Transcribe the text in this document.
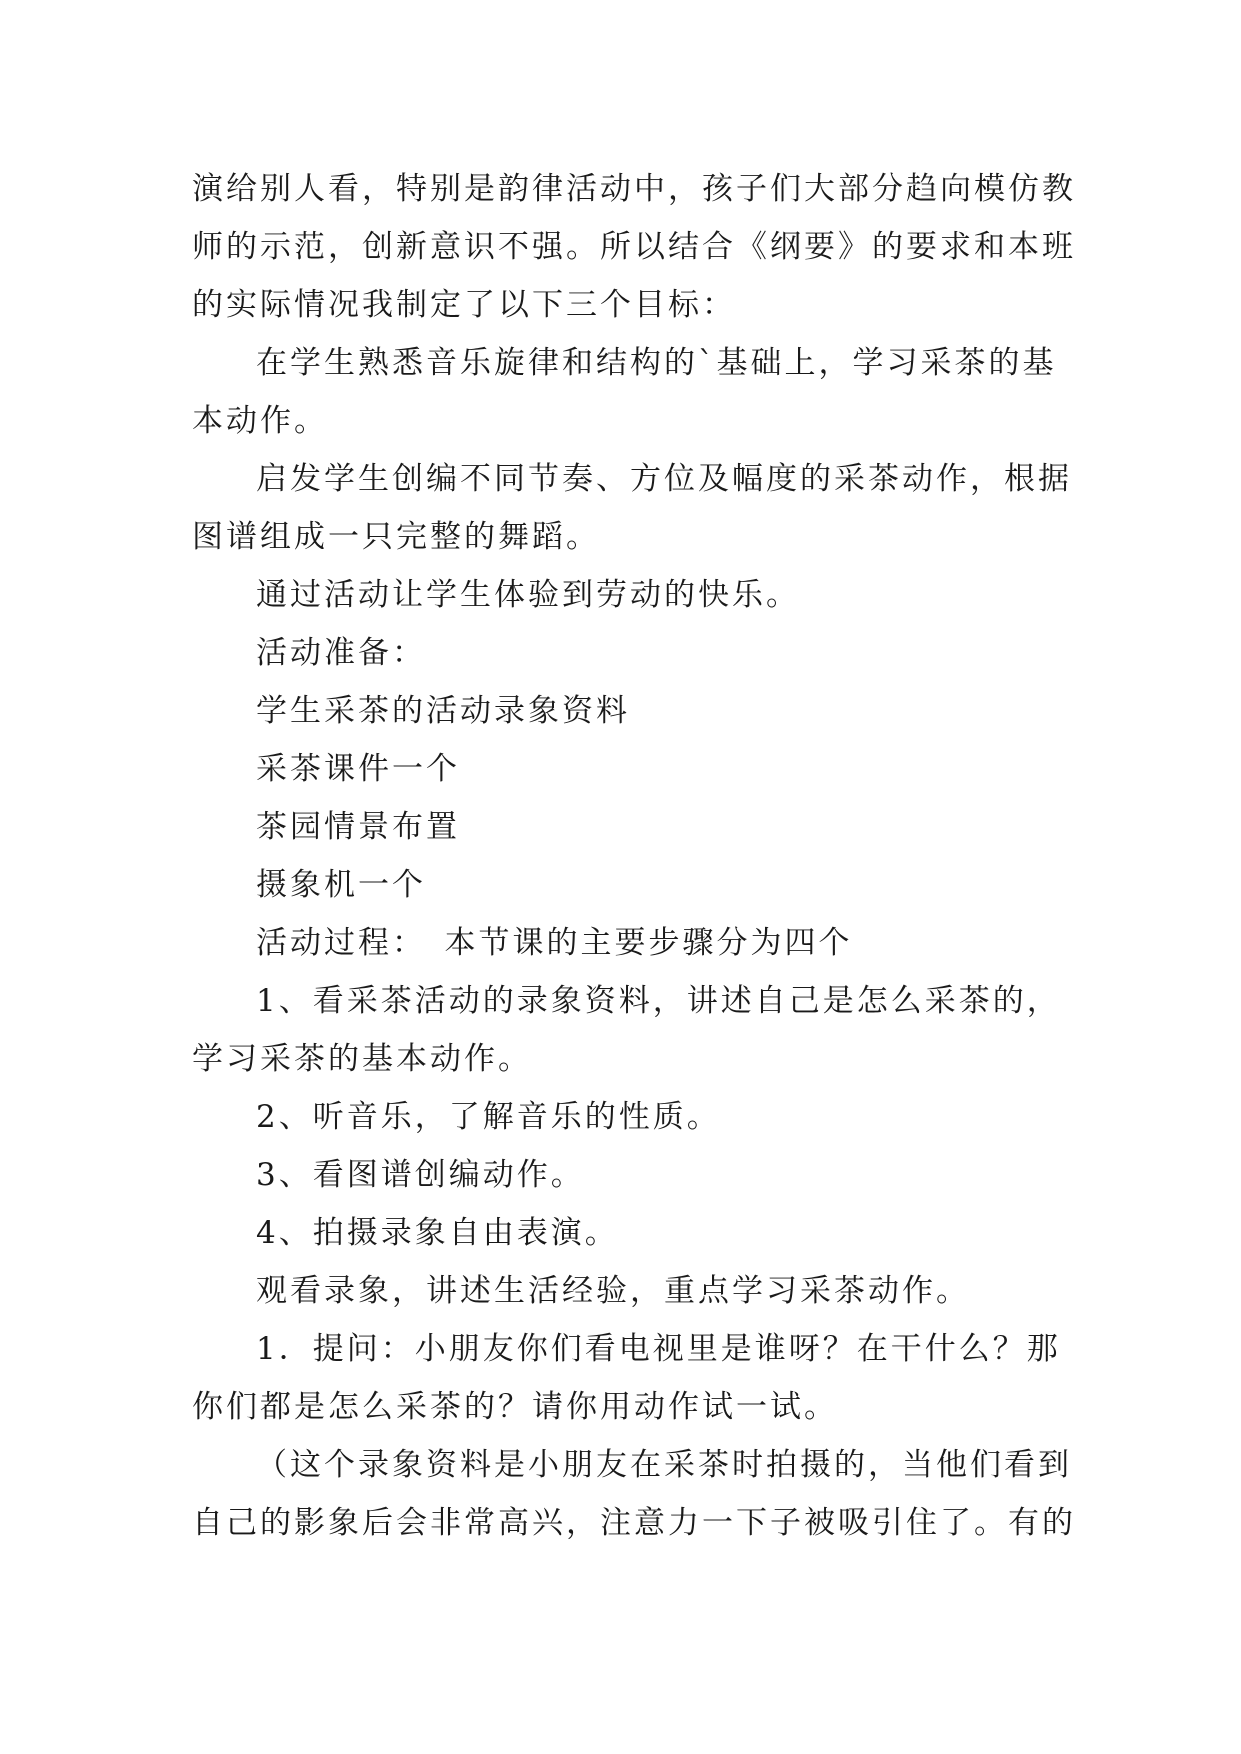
演给别人看，特别是韵律活动中，孩子们大部分趋向模仿教

师的示范，创新意识不强。所以结合《纲要》的要求和本班

的实际情况我制定了以下三个目标：

在学生熟悉音乐旋律和结构的`基础上，学习采茶的基

本动作。

启发学生创编不同节奏、方位及幅度的采茶动作，根据

图谱组成一只完整的舞蹈。

通过活动让学生体验到劳动的快乐。

活动准备：

学生采茶的活动录象资料

采茶课件一个

茶园情景布置

摄象机一个

活动过程：　本节课的主要步骤分为四个

1、看采茶活动的录象资料，讲述自己是怎么采茶的，

学习采茶的基本动作。

2、听音乐，了解音乐的性质。

3、看图谱创编动作。

4、拍摄录象自由表演。

观看录象，讲述生活经验，重点学习采茶动作。

1．提问：小朋友你们看电视里是谁呀？在干什么？那

你们都是怎么采茶的？请你用动作试一试。

（这个录象资料是小朋友在采茶时拍摄的，当他们看到

自己的影象后会非常高兴，注意力一下子被吸引住了。有的
